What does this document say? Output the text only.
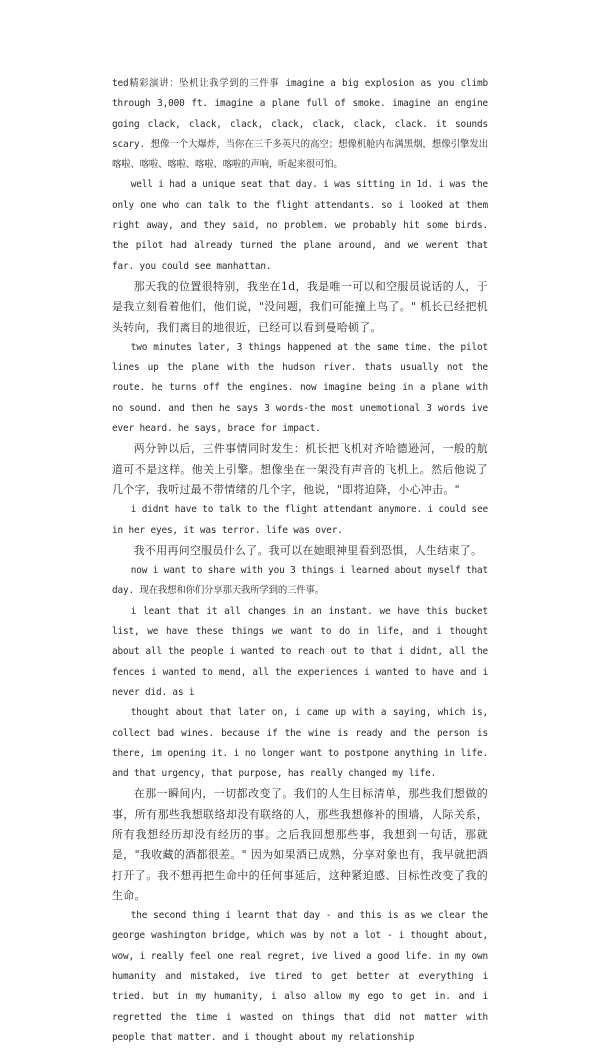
ted精彩演讲：坠机让我学到的三件事 imagine a big explosion as you climb through 3,000 ft. imagine a plane full of smoke. imagine an engine going clack, clack, clack, clack, clack, clack, clack. it sounds scary. 想像一个大爆炸，当你在三千多英尺的高空；想像机舱内布满黑烟，想像引擎发出喀啦、喀啦、喀啦、喀啦、喀啦的声响，听起来很可怕。

well i had a unique seat that day. i was sitting in 1d. i was the only one who can talk to the flight attendants. so i looked at them right away, and they said, no problem. we probably hit some birds. the pilot had already turned the plane around, and we werent that far. you could see manhattan.

那天我的位置很特别，我坐在1d，我是唯一可以和空服员说话的人，于是我立刻看着他们，他们说，"没问题，我们可能撞上鸟了。" 机长已经把机头转向，我们离目的地很近，已经可以看到曼哈顿了。

two minutes later, 3 things happened at the same time. the pilot lines up the plane with the hudson river. thats usually not the route. he turns off the engines. now imagine being in a plane with no sound. and then he says 3 words-the most unemotional 3 words ive ever heard. he says, brace for impact.

两分钟以后，三件事情同时发生：机长把飞机对齐哈德逊河，一般的航道可不是这样。他关上引擎。想像坐在一架没有声音的飞机上。然后他说了几个字，我听过最不带情绪的几个字，他说，"即将迫降，小心冲击。"

i didnt have to talk to the flight attendant anymore. i could see in her eyes, it was terror. life was over.

我不用再问空服员什么了。我可以在她眼神里看到恐惧，人生结束了。

now i want to share with you 3 things i learned about myself that day. 现在我想和你们分享那天我所学到的三件事。

i leant that it all changes in an instant. we have this bucket list, we have these things we want to do in life, and i thought about all the people i wanted to reach out to that i didnt, all the fences i wanted to mend, all the experiences i wanted to have and i never did. as i

thought about that later on, i came up with a saying, which is, collect bad wines. because if the wine is ready and the person is there, im opening it. i no longer want to postpone anything in life. and that urgency, that purpose, has really changed my life.

在那一瞬间内，一切都改变了。我们的人生目标清单，那些我们想做的事，所有那些我想联络却没有联络的人，那些我想修补的围墙，人际关系，所有我想经历却没有经历的事。之后我回想那些事，我想到一句话，那就是，"我收藏的酒都很差。" 因为如果酒已成熟，分享对象也有，我早就把酒打开了。我不想再把生命中的任何事延后，这种紧迫感、目标性改变了我的生命。

the second thing i learnt that day - and this is as we clear the george washington bridge, which was by not a lot - i thought about, wow, i really feel one real regret, ive lived a good life. in my own humanity and mistaked, ive tired to get better at everything i tried. but in my humanity, i also allow my ego to get in. and i regretted the time i wasted on things that did not matter with people that matter. and i thought about my relationship
